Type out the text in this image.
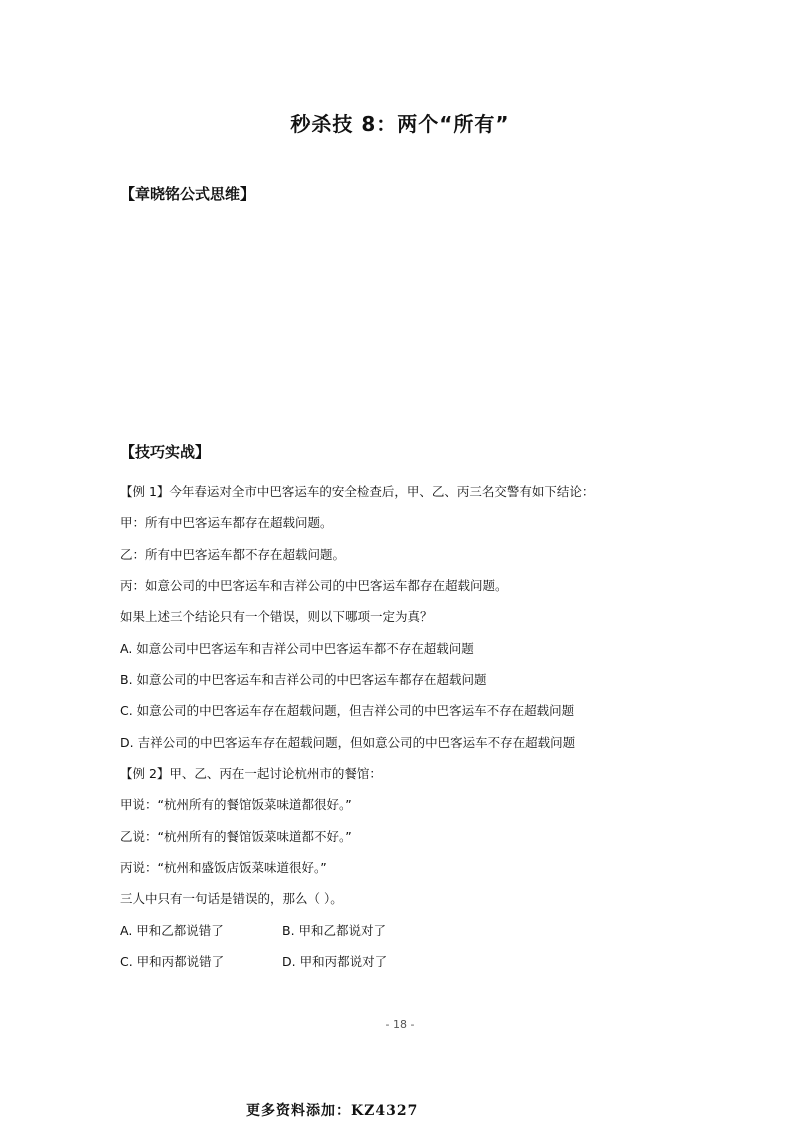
秒杀技 8：两个“所有”
【章晓铭公式思维】
【技巧实战】
【例 1】今年春运对全市中巴客运车的安全检查后，甲、乙、丙三名交警有如下结论：
甲：所有中巴客运车都存在超载问题。
乙：所有中巴客运车都不存在超载问题。
丙：如意公司的中巴客运车和吉祥公司的中巴客运车都存在超载问题。
如果上述三个结论只有一个错误，则以下哪项一定为真？
A. 如意公司中巴客运车和吉祥公司中巴客运车都不存在超载问题
B. 如意公司的中巴客运车和吉祥公司的中巴客运车都存在超载问题
C. 如意公司的中巴客运车存在超载问题，但吉祥公司的中巴客运车不存在超载问题
D. 吉祥公司的中巴客运车存在超载问题，但如意公司的中巴客运车不存在超载问题
【例 2】甲、乙、丙在一起讨论杭州市的餐馆：
甲说：“杭州所有的餐馆饭菜味道都很好。”
乙说：“杭州所有的餐馆饭菜味道都不好。”
丙说：“杭州和盛饭店饭菜味道很好。”
三人中只有一句话是错误的，那么（ ）。
A. 甲和乙都说错了	B. 甲和乙都说对了
C. 甲和丙都说错了	D. 甲和丙都说对了
- 18 -
更多资料添加：KZ4327
